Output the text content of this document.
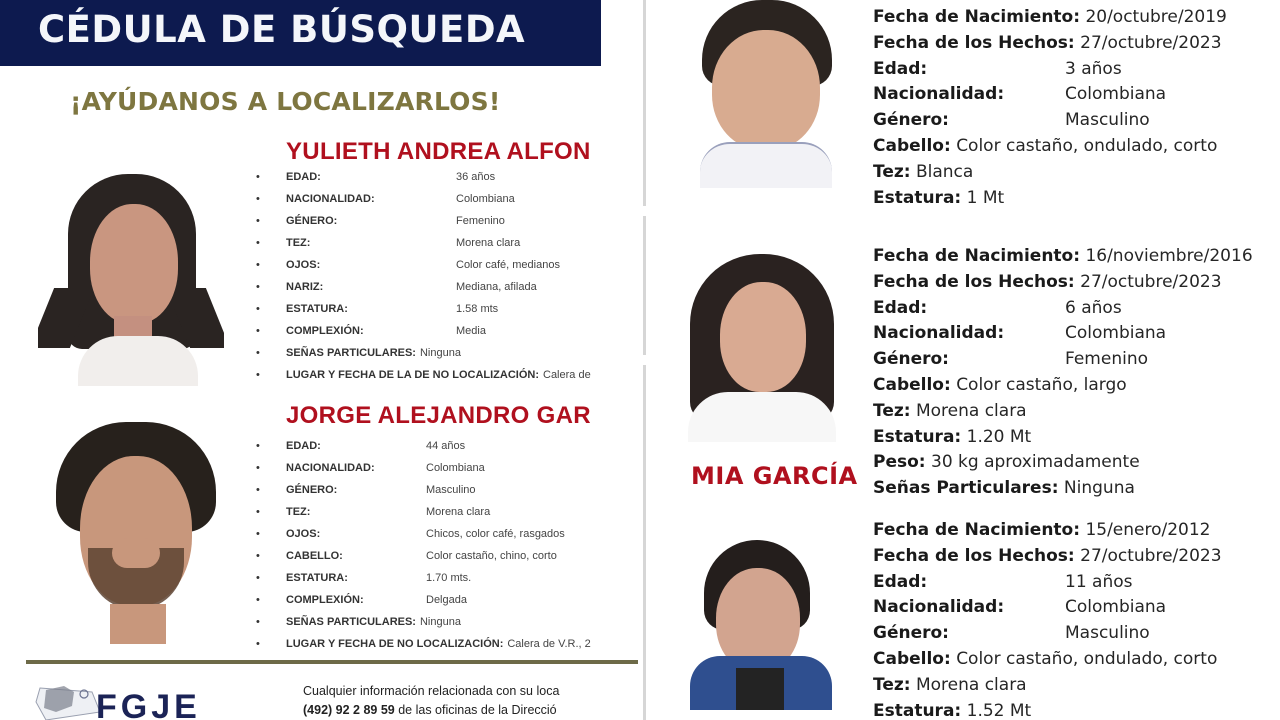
CÉDULA DE BÚSQUEDA
¡AYÚDANOS A LOCALIZARLOS!
YULIETH ANDREA ALFON
• EDAD:	36 años
• NACIONALIDAD:	Colombiana
• GÉNERO:	Femenino
• TEZ:	Morena clara
• OJOS:	Color café, medianos
• NARIZ:	Mediana, afilada
• ESTATURA:	1.58 mts
• COMPLEXIÓN:	Media
• SEÑAS PARTICULARES: Ninguna
• LUGAR Y FECHA DE LA DE NO LOCALIZACIÓN: Calera de
JORGE ALEJANDRO GAR
• EDAD:	44 años
• NACIONALIDAD:	Colombiana
• GÉNERO:	Masculino
• TEZ:	Morena clara
• OJOS:	Chicos, color café, rasgados
• CABELLO:	Color castaño, chino, corto
• ESTATURA:	1.70 mts.
• COMPLEXIÓN:	Delgada
• SEÑAS PARTICULARES: Ninguna
• LUGAR Y FECHA DE NO LOCALIZACIÓN: Calera de V.R., 2
FGJE	Cualquier información relacionada con su loca
(492) 92 2 89 59 de las oficinas de la Direcció
Fecha de Nacimiento: 20/octubre/2019
Fecha de los Hechos: 27/octubre/2023
Edad:	3 años
Nacionalidad:	Colombiana
Género:	Masculino
Cabello: Color castaño, ondulado, corto
Tez: Blanca
Estatura: 1 Mt
MIA GARCÍA
Fecha de Nacimiento: 16/noviembre/2016
Fecha de los Hechos: 27/octubre/2023
Edad:	6 años
Nacionalidad:	Colombiana
Género:	Femenino
Cabello: Color castaño, largo
Tez: Morena clara
Estatura: 1.20 Mt
Peso: 30 kg aproximadamente
Señas Particulares: Ninguna
Fecha de Nacimiento: 15/enero/2012
Fecha de los Hechos: 27/octubre/2023
Edad:	11 años
Nacionalidad:	Colombiana
Género:	Masculino
Cabello: Color castaño, ondulado, corto
Tez: Morena clara
Estatura: 1.52 Mt
